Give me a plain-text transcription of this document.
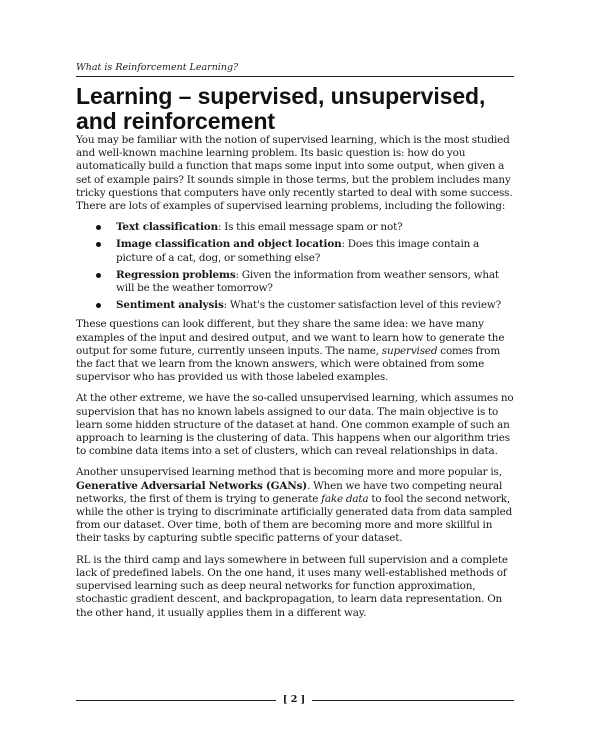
What is Reinforcement Learning?
Learning – supervised, unsupervised, and reinforcement

You may be familiar with the notion of supervised learning, which is the most studied and well-known machine learning problem. Its basic question is: how do you automatically build a function that maps some input into some output, when given a set of example pairs? It sounds simple in those terms, but the problem includes many tricky questions that computers have only recently started to deal with some success. There are lots of examples of supervised learning problems, including the following:

Text classification: Is this email message spam or not?
Image classification and object location: Does this image contain a picture of a cat, dog, or something else?
Regression problems: Given the information from weather sensors, what will be the weather tomorrow?
Sentiment analysis: What's the customer satisfaction level of this review?

These questions can look different, but they share the same idea: we have many examples of the input and desired output, and we want to learn how to generate the output for some future, currently unseen inputs. The name, supervised comes from the fact that we learn from the known answers, which were obtained from some supervisor who has provided us with those labeled examples.

At the other extreme, we have the so-called unsupervised learning, which assumes no supervision that has no known labels assigned to our data. The main objective is to learn some hidden structure of the dataset at hand. One common example of such an approach to learning is the clustering of data. This happens when our algorithm tries to combine data items into a set of clusters, which can reveal relationships in data.

Another unsupervised learning method that is becoming more and more popular is, Generative Adversarial Networks (GANs). When we have two competing neural networks, the first of them is trying to generate fake data to fool the second network, while the other is trying to discriminate artificially generated data from data sampled from our dataset. Over time, both of them are becoming more and more skillful in their tasks by capturing subtle specific patterns of your dataset.

RL is the third camp and lays somewhere in between full supervision and a complete lack of predefined labels. On the one hand, it uses many well-established methods of supervised learning such as deep neural networks for function approximation, stochastic gradient descent, and backpropagation, to learn data representation. On the other hand, it usually applies them in a different way.

[ 2 ]
